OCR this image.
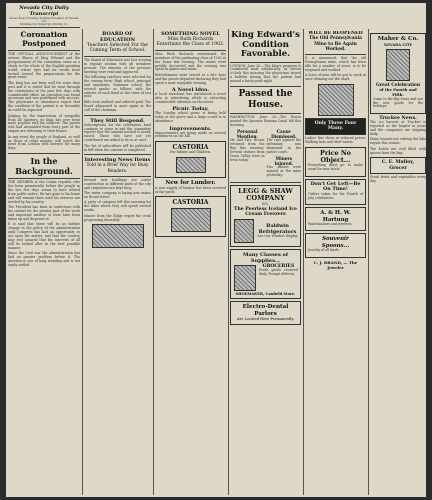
Nevada City Daily Transcript
Issued Every Evening, Sundays Excepted, at Nevada City
Published by Transcript Printing Co.
Coronation Postponed

THE OFFICIAL ANNOUNCEMENT of the serious illness of King Edward and the postponement of the coronation came as a shock to the whole of the English-speaking world, whose eyes had for weeks been turned toward the preparations for the great event.

The king has not been well for some time past and it is stated that he went through the ceremonies of the past few days with considerable effort. An operation was found necessary and was performed with success. The physicians in attendance report that the condition of the patient is as favorable as could be expected.

Judging by the expressions of sympathy from all quarters, no king has ever been more popular with his subjects. The guests who had assembled from every part of the empire are returning to their homes.

In any event the people of England, as well as those of other nations, will watch the news from London with interest for many days.

In the Background.

THE MEMBER of the Cuban republic who has been prominently before the people in the last few days seems to have retired from public notice. He has gone to his home and will remain there until his services are needed by his country.

The President has been in conference with his cabinet for the greater part of the week and important matters of state have been taken up and disposed of.

It is said that there will be no further change in the policy of the administration until Congress has had an opportunity to act upon the matter, and that the country may rest assured that the interests of all will be looked after in the best possible manner.

Since the Civil war the administration has had no greater problem before it. The question is one of long standing and is not easily settled.

BOARD OF EDUCATION
Teachers Selected For the Coming Term of School.

The Board of Education met last evening in regular session with all members present. The minutes of the previous meeting were read and approved.

The following teachers were selected for the coming term: High school, principal and assistants; Grammar school, the several grades as follows, with the salaries of each fixed at the rates of last year.

Bills were audited and ordered paid. The board adjourned to meet again at the call of the chairman.

They Still Respond.

Subscriptions for the celebration fund continue to come in and the committee reports that the amount needed is nearly raised. Those who have not yet contributed are asked to do so at once.

The list of subscribers will be published in full when the canvass is completed.

Interesting News Items
Told in a Brief Way for Busy Readers.

Several new buildings are under construction in different parts of the city and carpenters are kept busy.

The water company is laying new mains on Broad street.

A party of campers left this morning for the lakes where they will spend several weeks.

Miners from the Ridge report the work progressing favorably.

SOMETHING NOVEL
Miss Ruth Richards Entertains the Class of 1902.

Miss Ruth Richards entertained the members of the graduating class of 1902 at her home last evening. The rooms were prettily decorated and the evening was spent in games and music.

Refreshments were served at a late hour and the guests departed declaring they had spent a most enjoyable evening.

A Novel Idea.

A local merchant has introduced a novel idea in advertising which is attracting considerable attention on the street.

Picnic Today.

The Sunday school picnic is being held today at the grove and a large crowd is in attendance.

Improvements.

Improvements are being made on several residences on the hill.

CASTORIA
For Infants and Children.
New for Lumber.

A new supply of lumber has been received at the yards.

CASTORIA
King Edward's Condition Favorable.

LONDON, June 26.—The King's progress is considered most satisfactory. At eleven o'clock this morning the physicians issued a bulletin stating that the patient had passed a fairly good night.

Passed the House.

WASHINGTON, June 26.—The House passed the Spooner Panama Canal bill this morning.

Personal Mention.

Mr. and Mrs. Brown returned from the Bay this morning. Several visitors from Grass Valley were in town today.

Cause Dismissed.

The case against the defendant was dismissed in the justice court.

Miners Injured.

Two miners were injured at the mine yesterday.

LEGG & SHAW COMPANY
INC.
The Peerless Iceland Ice Cream Freezers
Baldwin Refrigerators
See Our Window Display
Many Classes of Supplies...
GROCERIES

Fresh goods received daily. Prompt delivery.

SHOEMAKER, Canfield Store.
Electro-Dental Parlors
Are Located Here Permanently.
WILL BE REOPENED
The Old Pennsylvania Mine to Be Again Worked.

It is announced that the old Pennsylvania mine, which has been idle for a number of years, is to be reopened and worked.

A force of men will be put to work at once cleaning out the shaft.

Only Three Four Many.

Ladies' fine shoes at reduced prices. Walking hats and shirt waists.

Price No Object...

Everything must go to make room for new stock.

Don't Get Left—Be On Time!

Orders taken for the Fourth of July celebration.

A. & H. W. Hartung

Watchmakers and jewelers.

Souvenir Spoons...

Jewelry of all kinds.

C. J. BRAND, — The Jeweler
Maher & Co.
NEVADA CITY
Great Celebration
of the Fourth and Fifth.

Come to the Big Store and see the new goods for the holidays.

Truckee News.

The ice harvest at Truckee is reported as the largest in years and the companies are shipping daily.

Many tourists are visiting the lake region this season.

The hotels are well filled with guests from the Bay.

C. E. Mulloy, Grocer

Fresh fruits and vegetables every day.
